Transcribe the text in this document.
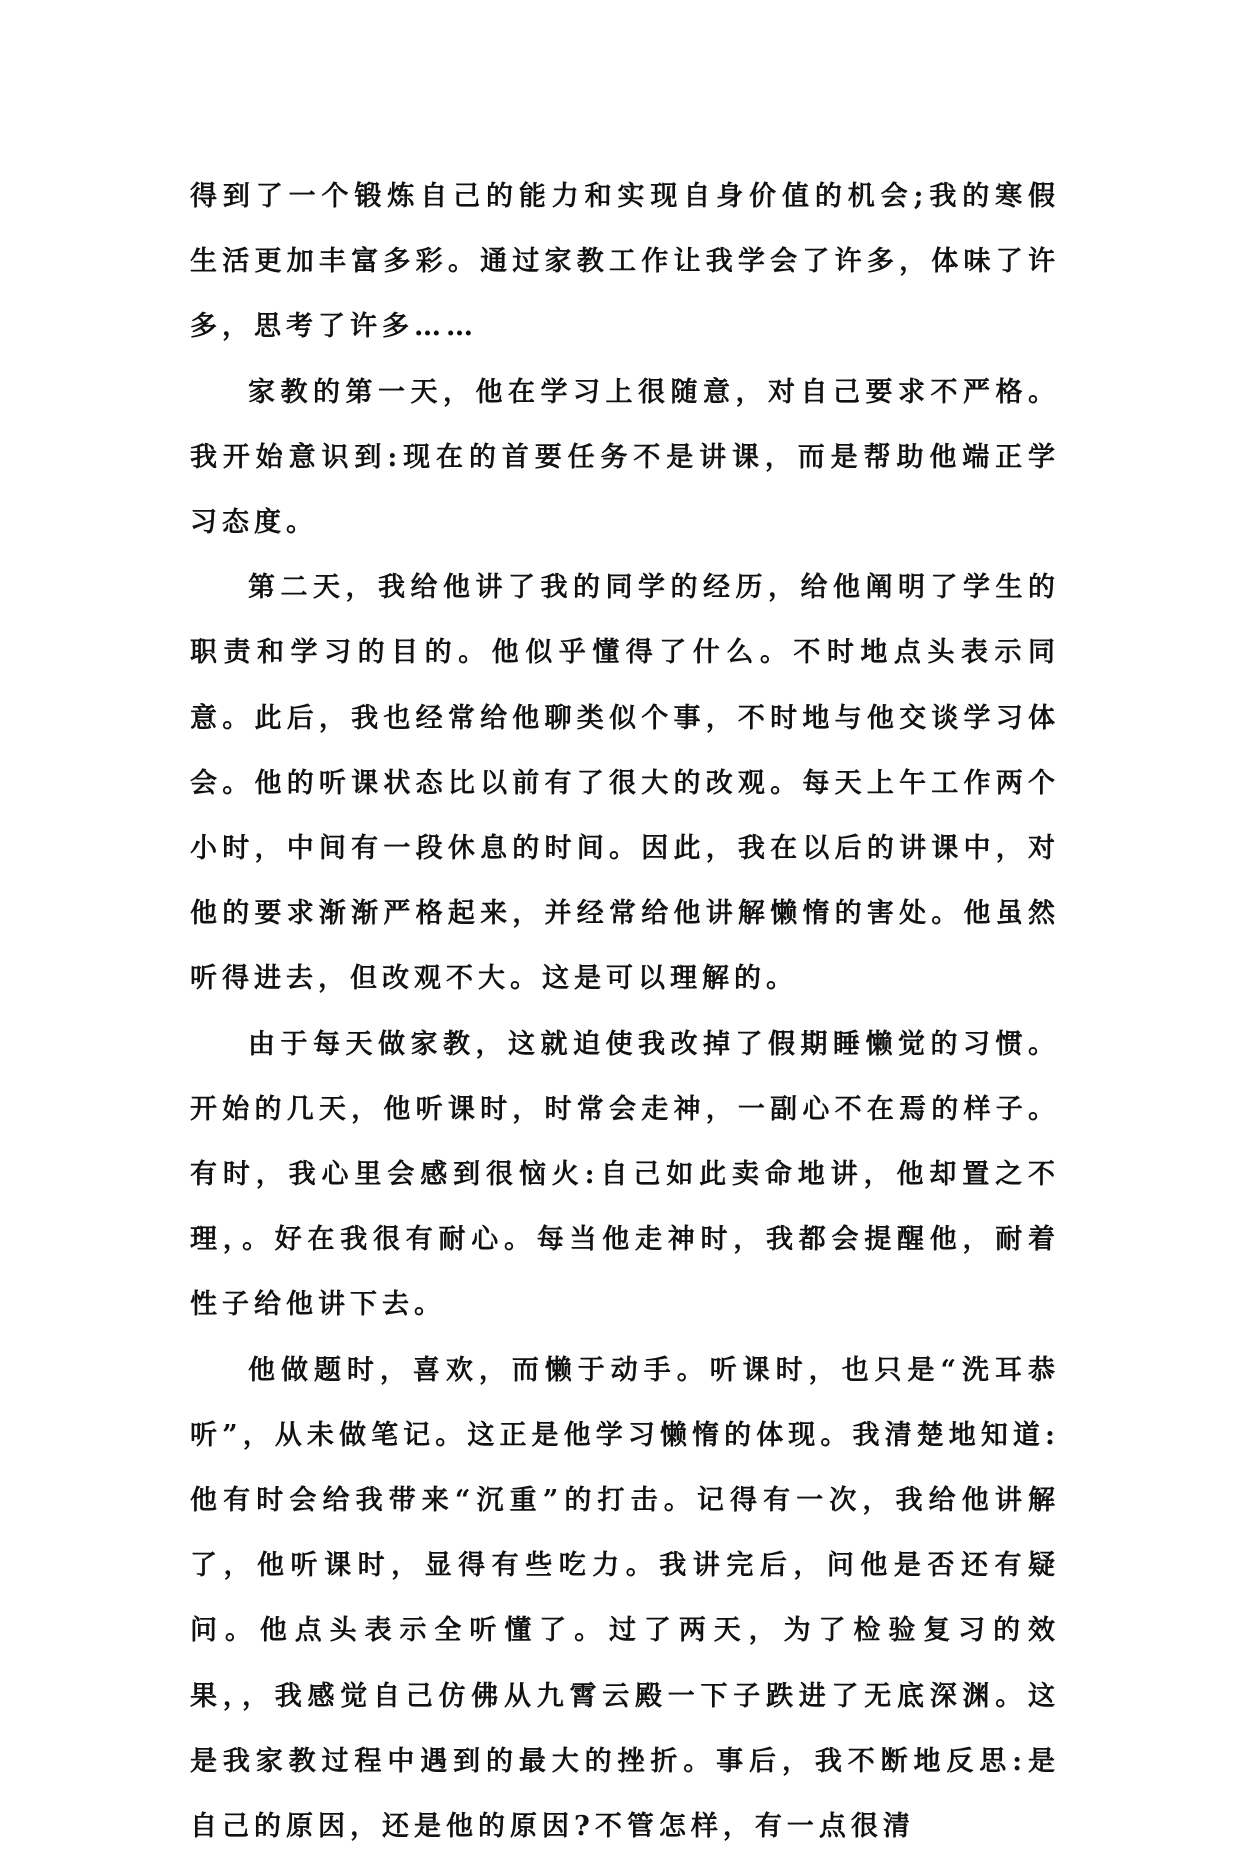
得到了一个锻炼自己的能力和实现自身价值的机会;我的寒假生活更加丰富多彩。通过家教工作让我学会了许多，体味了许多，思考了许多……

家教的第一天，他在学习上很随意，对自己要求不严格。我开始意识到:现在的首要任务不是讲课，而是帮助他端正学习态度。

第二天，我给他讲了我的同学的经历，给他阐明了学生的职责和学习的目的。他似乎懂得了什么。不时地点头表示同意。此后，我也经常给他聊类似个事，不时地与他交谈学习体会。他的听课状态比以前有了很大的改观。每天上午工作两个小时，中间有一段休息的时间。因此，我在以后的讲课中，对他的要求渐渐严格起来，并经常给他讲解懒惰的害处。他虽然听得进去，但改观不大。这是可以理解的。

由于每天做家教，这就迫使我改掉了假期睡懒觉的习惯。开始的几天，他听课时，时常会走神，一副心不在焉的样子。有时，我心里会感到很恼火:自己如此卖命地讲，他却置之不理，。好在我很有耐心。每当他走神时，我都会提醒他，耐着性子给他讲下去。

他做题时，喜欢，而懒于动手。听课时，也只是“洗耳恭听”，从未做笔记。这正是他学习懒惰的体现。我清楚地知道:他有时会给我带来“沉重”的打击。记得有一次，我给他讲解了，他听课时，显得有些吃力。我讲完后，问他是否还有疑问。他点头表示全听懂了。过了两天，为了检验复习的效果，，我感觉自己仿佛从九霄云殿一下子跌进了无底深渊。这是我家教过程中遇到的最大的挫折。事后，我不断地反思:是自己的原因，还是他的原因?不管怎样，有一点很清
